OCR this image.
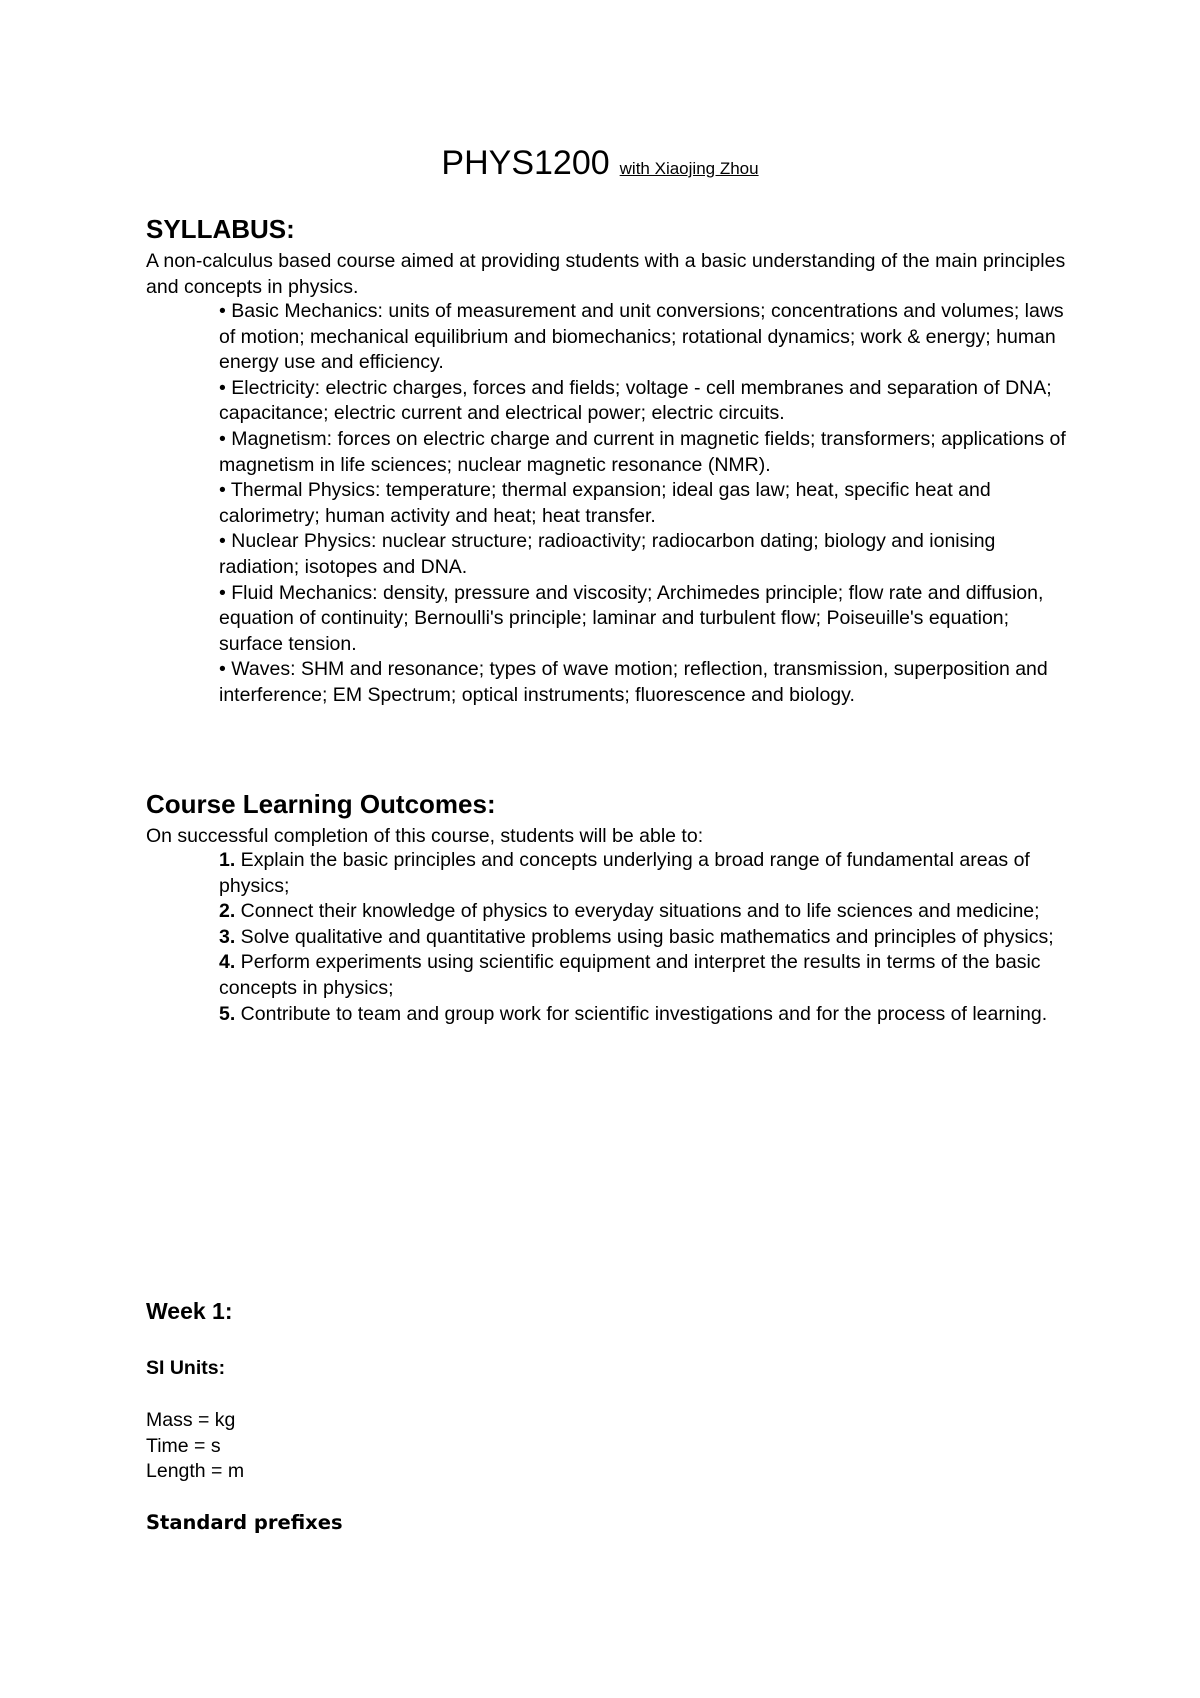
PHYS1200 with Xiaojing Zhou
SYLLABUS:
A non-calculus based course aimed at providing students with a basic understanding of the main principles and concepts in physics.
• Basic Mechanics: units of measurement and unit conversions; concentrations and volumes; laws of motion; mechanical equilibrium and biomechanics; rotational dynamics; work & energy; human energy use and efficiency.
• Electricity: electric charges, forces and fields; voltage - cell membranes and separation of DNA; capacitance; electric current and electrical power; electric circuits.
• Magnetism: forces on electric charge and current in magnetic fields; transformers; applications of magnetism in life sciences; nuclear magnetic resonance (NMR).
• Thermal Physics: temperature; thermal expansion; ideal gas law; heat, specific heat and calorimetry; human activity and heat; heat transfer.
• Nuclear Physics: nuclear structure; radioactivity; radiocarbon dating; biology and ionising radiation; isotopes and DNA.
• Fluid Mechanics: density, pressure and viscosity; Archimedes principle; flow rate and diffusion, equation of continuity; Bernoulli's principle; laminar and turbulent flow; Poiseuille's equation; surface tension.
• Waves: SHM and resonance; types of wave motion; reflection, transmission, superposition and interference; EM Spectrum; optical instruments; fluorescence and biology.
Course Learning Outcomes:
On successful completion of this course, students will be able to:
1. Explain the basic principles and concepts underlying a broad range of fundamental areas of physics;
2. Connect their knowledge of physics to everyday situations and to life sciences and medicine;
3. Solve qualitative and quantitative problems using basic mathematics and principles of physics;
4. Perform experiments using scientific equipment and interpret the results in terms of the basic concepts in physics;
5. Contribute to team and group work for scientific investigations and for the process of learning.
Week 1:
SI Units:
Mass = kg
Time = s
Length = m
Standard prefixes
